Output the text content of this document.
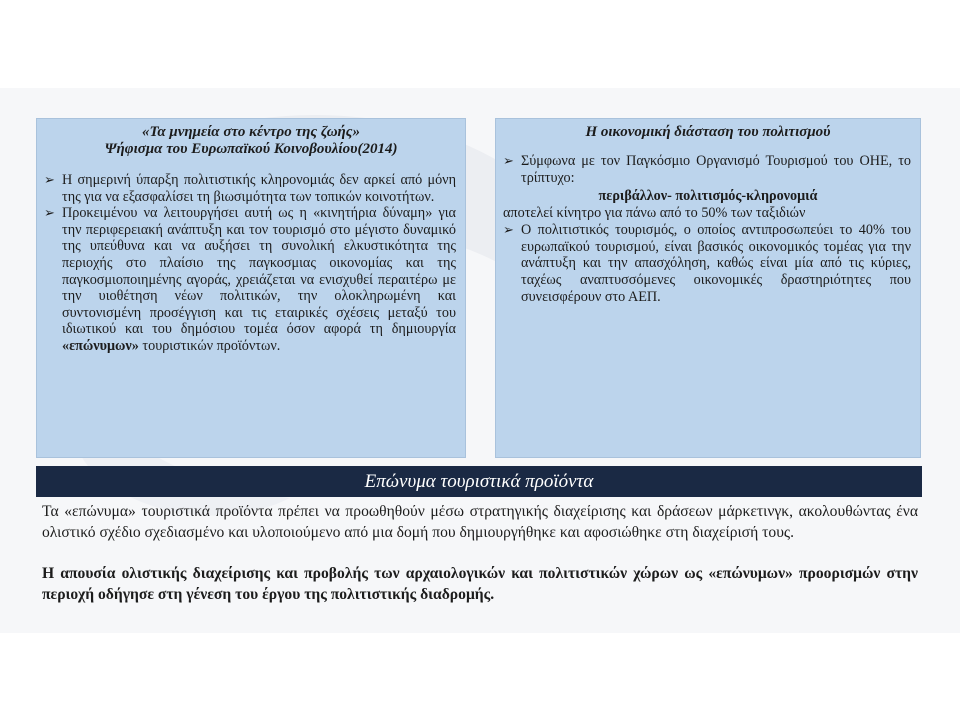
«Τα μνημεία στο κέντρο της ζωής»
Ψήφισμα του Ευρωπαϊκού Κοινοβουλίου(2014)
➢ Η σημερινή ύπαρξη πολιτιστικής κληρονομιάς δεν αρκεί από μόνη της για να εξασφαλίσει τη βιωσιμότητα των τοπικών κοινοτήτων.
➢ Προκειμένου να λειτουργήσει αυτή ως η «κινητήρια δύναμη» για την περιφερειακή ανάπτυξη και τον τουρισμό στο μέγιστο δυναμικό της υπεύθυνα και να αυξήσει τη συνολική ελκυστικότητα της περιοχής στο πλαίσιο της παγκοσμιας οικονομίας και της παγκοσμιοποιημένης αγοράς, χρειάζεται να ενισχυθεί περαιτέρω με την υιοθέτηση νέων πολιτικών, την ολοκληρωμένη και συντονισμένη προσέγγιση και τις εταιρικές σχέσεις μεταξύ του ιδιωτικού και του δημόσιου τομέα όσον αφορά τη δημιουργία «επώνυμων» τουριστικών προϊόντων.
Η οικονομική διάσταση του πολιτισμού
➢ Σύμφωνα με τον Παγκόσμιο Οργανισμό Τουρισμού του ΟΗΕ, το τρίπτυχο:
περιβάλλον- πολιτισμός-κληρονομιά
αποτελεί κίνητρο για πάνω από το 50% των ταξιδιών
➢ Ο πολιτιστικός τουρισμός, ο οποίος αντιπροσωπεύει το 40% του ευρωπαϊκού τουρισμού, είναι βασικός οικονομικός τομέας για την ανάπτυξη και την απασχόληση, καθώς είναι μία από τις κύριες, ταχέως αναπτυσσόμενες οικονομικές δραστηριότητες που συνεισφέρουν στο ΑΕΠ.
Επώνυμα τουριστικά προϊόντα
Τα «επώνυμα» τουριστικά προϊόντα πρέπει να προωθηθούν μέσω στρατηγικής διαχείρισης και δράσεων μάρκετινγκ, ακολουθώντας ένα ολιστικό σχέδιο σχεδιασμένο και υλοποιούμενο από μια δομή που δημιουργήθηκε και αφοσιώθηκε στη διαχείρισή τους.
Η απουσία ολιστικής διαχείρισης και προβολής των αρχαιολογικών και πολιτιστικών χώρων ως «επώνυμων» προορισμών στην περιοχή οδήγησε στη γένεση του έργου της πολιτιστικής διαδρομής.
